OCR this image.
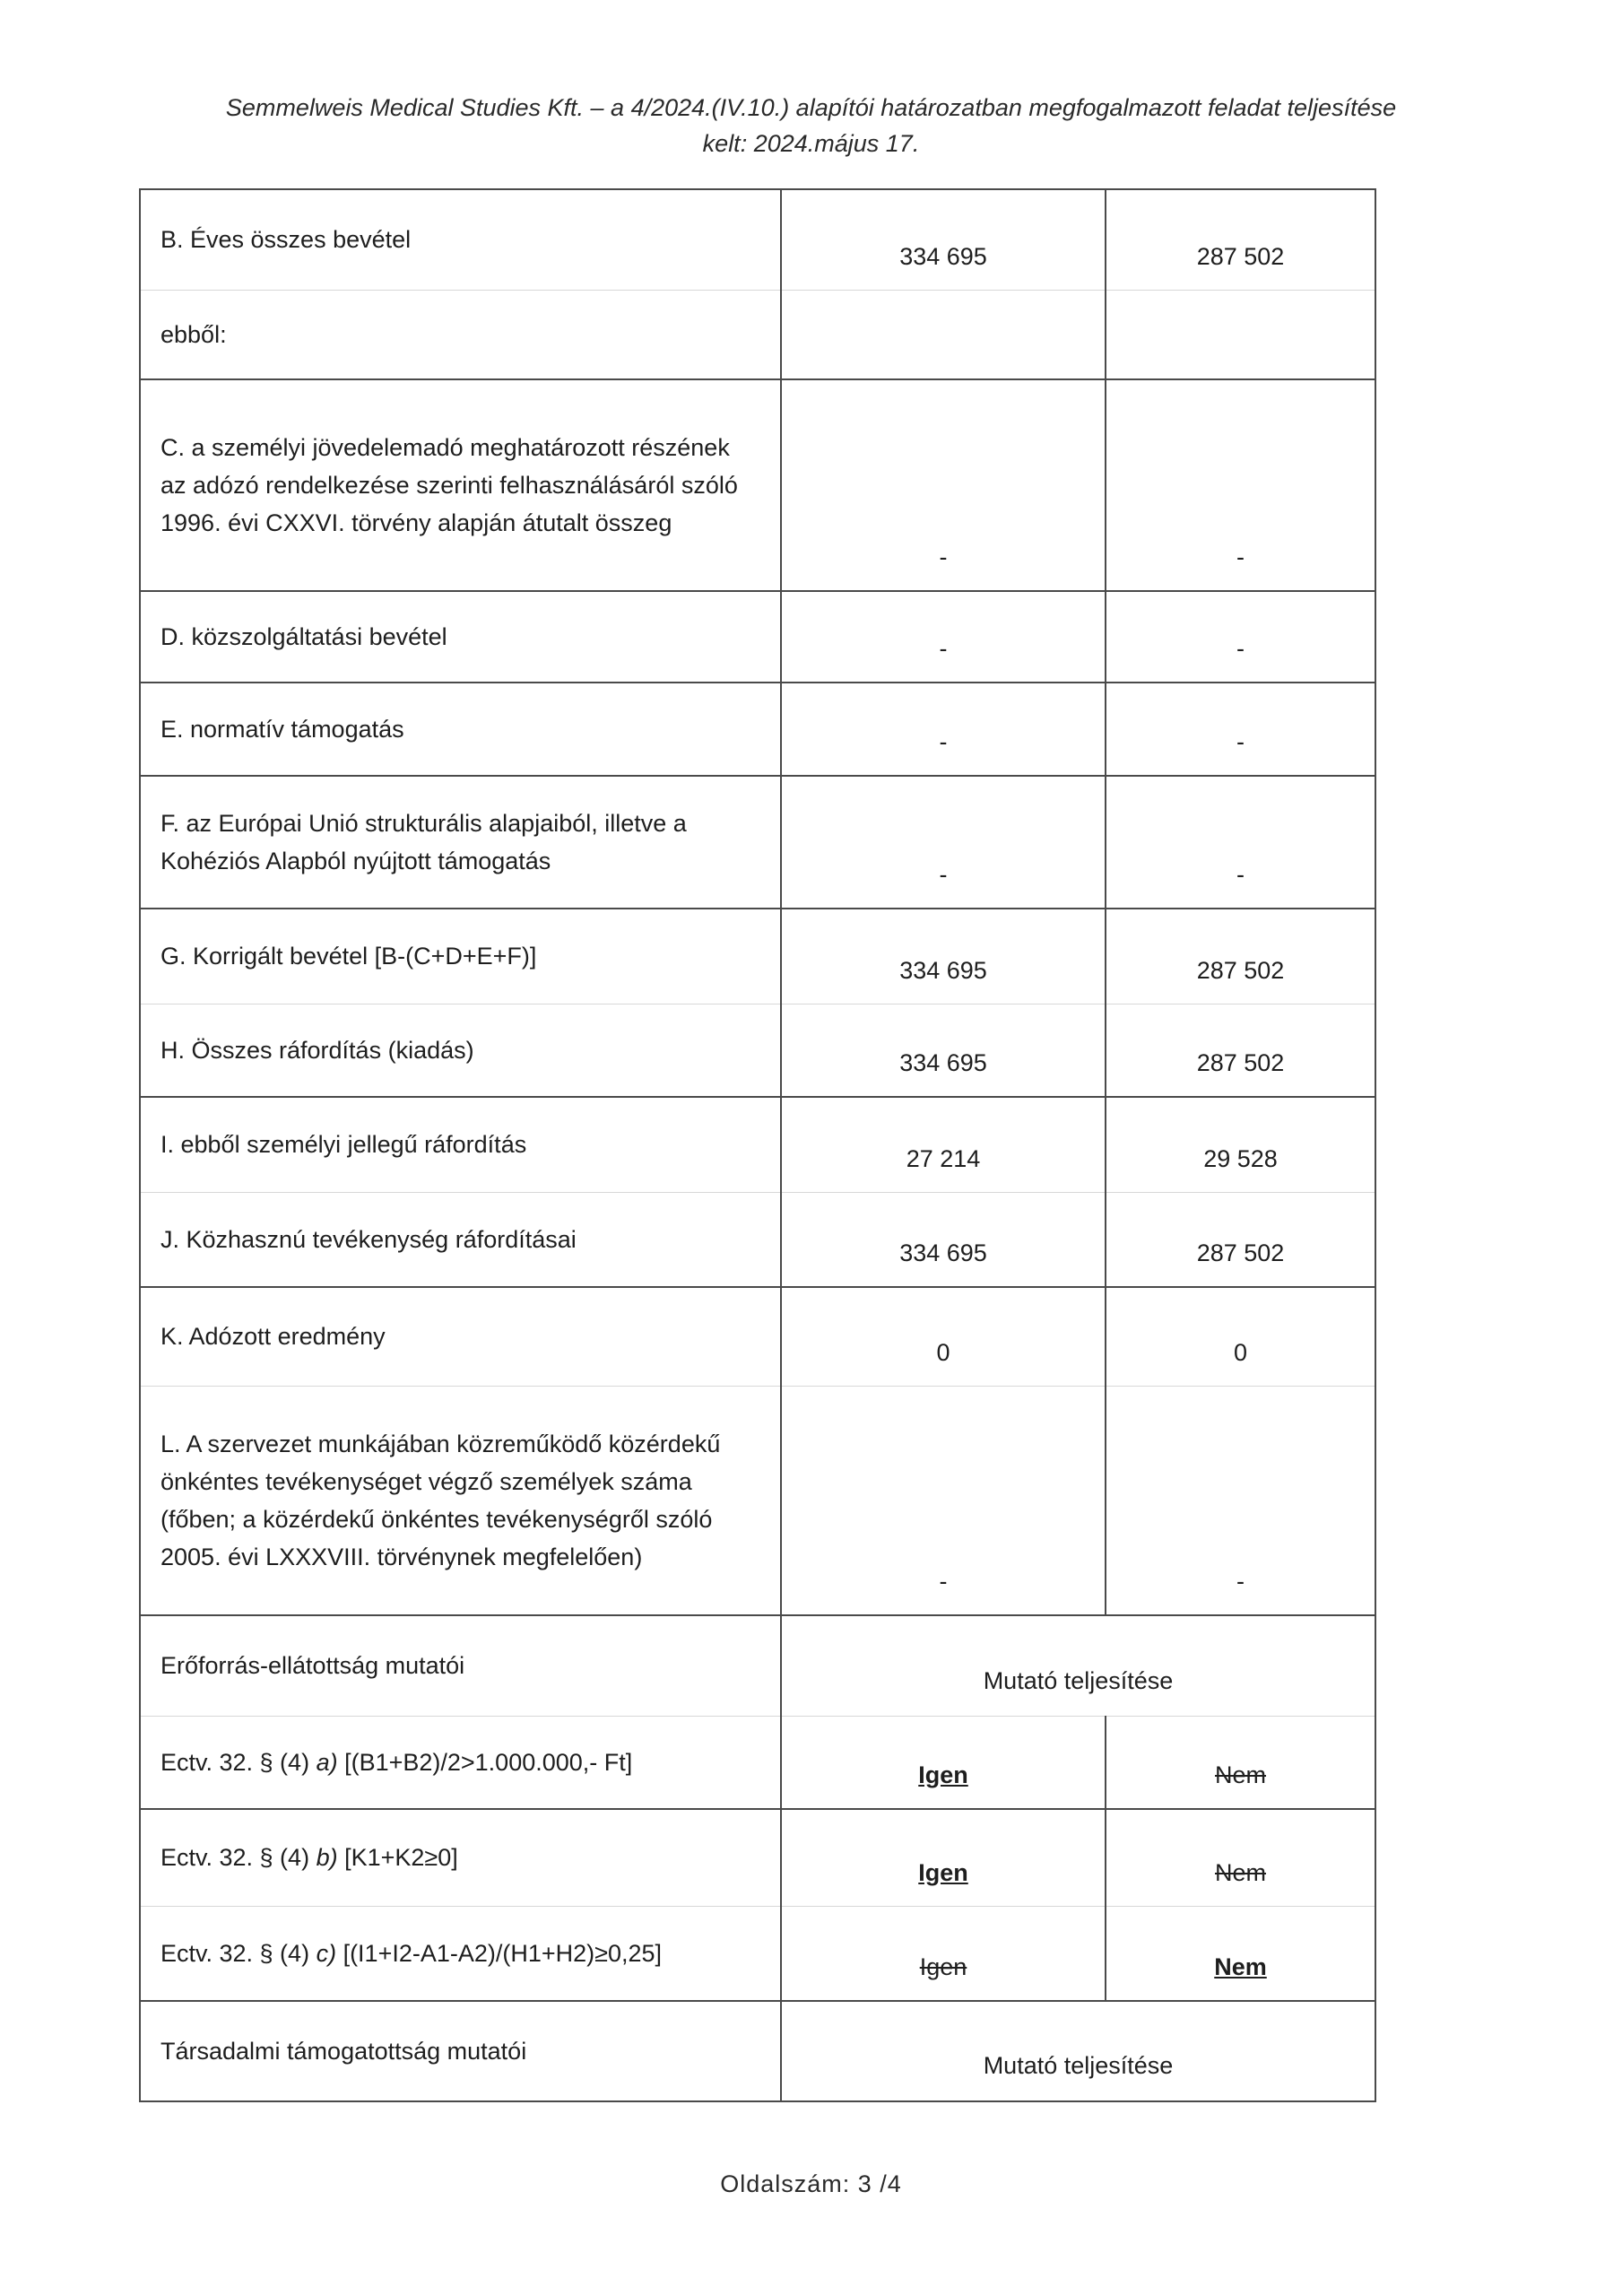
Semmelweis Medical Studies Kft. – a 4/2024.(IV.10.) alapítói határozatban megfogalmazott feladat teljesítése
kelt: 2024.május 17.
B. Éves összes bevétel	334 695	287 502
ebből:		
C. a személyi jövedelemadó meghatározott részének az adózó rendelkezése szerinti felhasználásáról szóló 1996. évi CXXVI. törvény alapján átutalt összeg	-	-
D. közszolgáltatási bevétel	-	-
E. normatív támogatás	-	-
F. az Európai Unió strukturális alapjaiból, illetve a Kohéziós Alapból nyújtott támogatás	-	-
G. Korrigált bevétel [B-(C+D+E+F)]	334 695	287 502
H. Összes ráfordítás (kiadás)	334 695	287 502
I. ebből személyi jellegű ráfordítás	27 214	29 528
J. Közhasznú tevékenység ráfordításai	334 695	287 502
K. Adózott eredmény	0	0
L. A szervezet munkájában közreműködő közérdekű önkéntes tevékenységet végző személyek száma (főben; a közérdekű önkéntes tevékenységről szóló 2005. évi LXXXVIII. törvénynek megfelelően)	-	-
Erőforrás-ellátottság mutatói	Mutató teljesítése	
Ectv. 32. § (4) a) [(B1+B2)/2>1.000.000,- Ft]	Igen	Nem
Ectv. 32. § (4) b) [K1+K2≥0]	Igen	Nem
Ectv. 32. § (4) c) [(I1+I2-A1-A2)/(H1+H2)≥0,25]	Igen	Nem
Társadalmi támogatottság mutatói	Mutató teljesítése	
Oldalszám: 3 /4
